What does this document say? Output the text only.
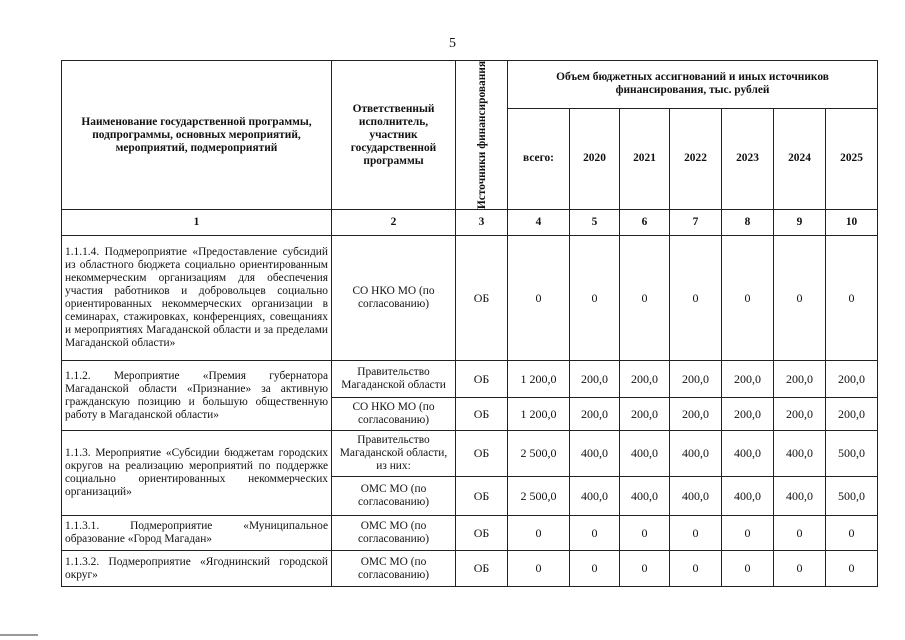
5
Наименование государственной программы, подпрограммы, основных мероприятий, мероприятий, подмероприятий	Ответственный исполнитель, участник государственной программы	Источники финансирования	Объем бюджетных ассигнований и иных источников финансирования, тыс. рублей						
			всего:	2020	2021	2022	2023	2024	2025
1	2	3	4	5	6	7	8	9	10
1.1.1.4. Подмероприятие «Предоставление субсидий из областного бюджета социально ориентированным некоммерческим организациям для обеспечения участия работников и добровольцев социально ориентированных некоммерческих организации в семинарах, стажировках, конференциях, совещаниях и мероприятиях Магаданской области и за пределами Магаданской области»	СО НКО МО (по согласованию)	ОБ	0	0	0	0	0	0	0
1.1.2. Мероприятие «Премия губернатора Магаданской области «Признание» за активную гражданскую позицию и большую общественную работу в Магаданской области»	Правительство Магаданской области	ОБ	1 200,0	200,0	200,0	200,0	200,0	200,0	200,0
	СО НКО МО (по согласованию)	ОБ	1 200,0	200,0	200,0	200,0	200,0	200,0	200,0
1.1.3. Мероприятие «Субсидии бюджетам городских округов на реализацию мероприятий по поддержке социально ориентированных некоммерческих организаций»	Правительство Магаданской области, из них:	ОБ	2 500,0	400,0	400,0	400,0	400,0	400,0	500,0
	ОМС МО (по согласованию)	ОБ	2 500,0	400,0	400,0	400,0	400,0	400,0	500,0
1.1.3.1. Подмероприятие «Муниципальное образование «Город Магадан»	ОМС МО (по согласованию)	ОБ	0	0	0	0	0	0	0
1.1.3.2. Подмероприятие «Ягоднинский городской округ»	ОМС МО (по согласованию)	ОБ	0	0	0	0	0	0	0
